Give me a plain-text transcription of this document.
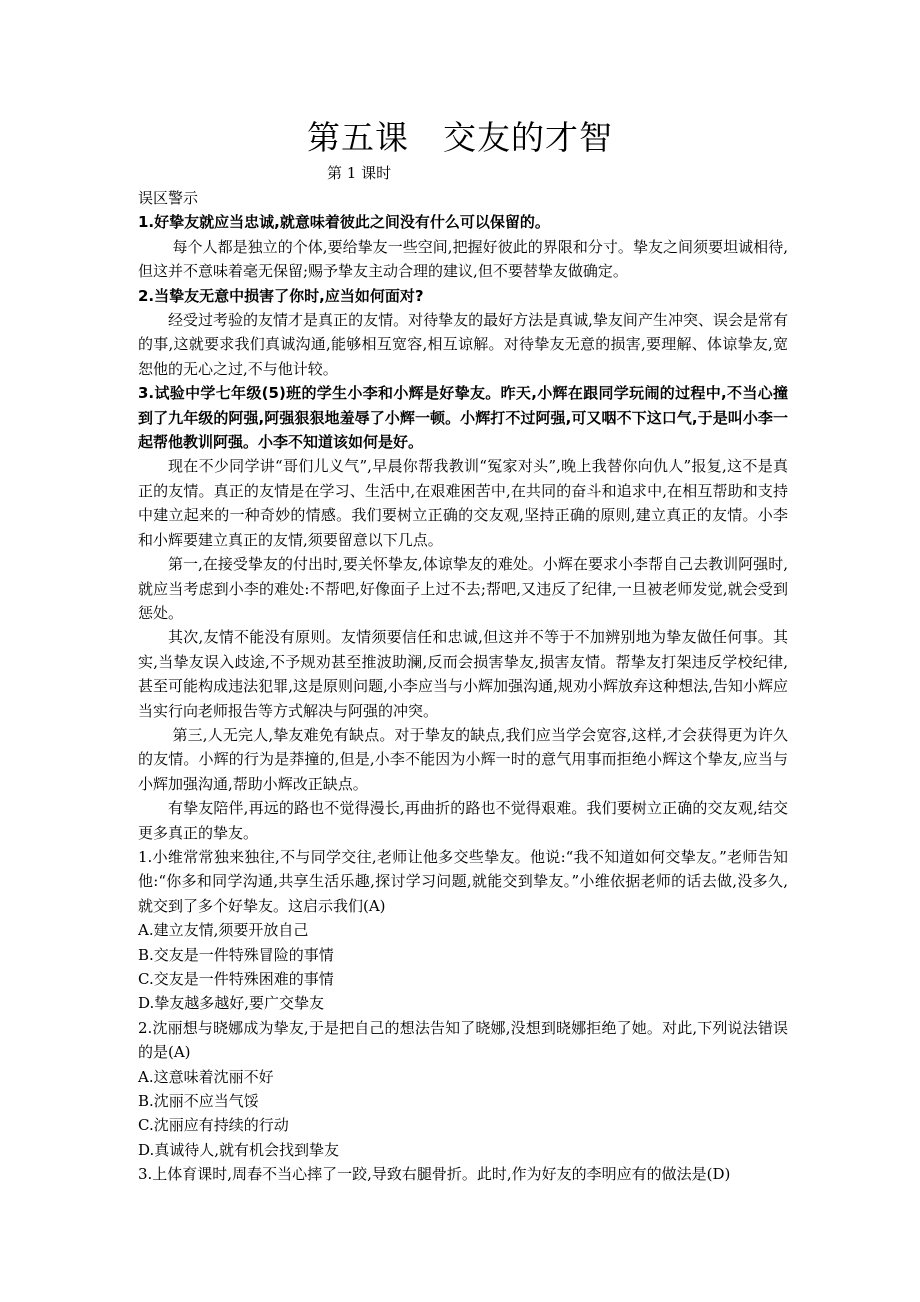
第五课 交友的才智
第 1 课时

误区警示

1.好挚友就应当忠诚,就意味着彼此之间没有什么可以保留的。

每个人都是独立的个体,要给挚友一些空间,把握好彼此的界限和分寸。挚友之间须要坦诚相待,但这并不意味着毫无保留;赐予挚友主动合理的建议,但不要替挚友做确定。

2.当挚友无意中损害了你时,应当如何面对?

经受过考验的友情才是真正的友情。对待挚友的最好方法是真诚,挚友间产生冲突、误会是常有的事,这就要求我们真诚沟通,能够相互宽容,相互谅解。对待挚友无意的损害,要理解、体谅挚友,宽恕他的无心之过,不与他计较。

3.试验中学七年级(5)班的学生小李和小辉是好挚友。昨天,小辉在跟同学玩闹的过程中,不当心撞到了九年级的阿强,阿强狠狠地羞辱了小辉一顿。小辉打不过阿强,可又咽不下这口气,于是叫小李一起帮他教训阿强。小李不知道该如何是好。

现在不少同学讲“哥们儿义气”,早晨你帮我教训“冤家对头”,晚上我替你向仇人”报复,这不是真正的友情。真正的友情是在学习、生活中,在艰难困苦中,在共同的奋斗和追求中,在相互帮助和支持中建立起来的一种奇妙的情感。我们要树立正确的交友观,坚持正确的原则,建立真正的友情。小李和小辉要建立真正的友情,须要留意以下几点。

第一,在接受挚友的付出时,要关怀挚友,体谅挚友的难处。小辉在要求小李帮自己去教训阿强时,就应当考虑到小李的难处:不帮吧,好像面子上过不去;帮吧,又违反了纪律,一旦被老师发觉,就会受到惩处。

其次,友情不能没有原则。友情须要信任和忠诚,但这并不等于不加辨别地为挚友做任何事。其实,当挚友误入歧途,不予规劝甚至推波助澜,反而会损害挚友,损害友情。帮挚友打架违反学校纪律,甚至可能构成违法犯罪,这是原则问题,小李应当与小辉加强沟通,规劝小辉放弃这种想法,告知小辉应当实行向老师报告等方式解决与阿强的冲突。

第三,人无完人,挚友难免有缺点。对于挚友的缺点,我们应当学会宽容,这样,才会获得更为许久的友情。小辉的行为是莽撞的,但是,小李不能因为小辉一时的意气用事而拒绝小辉这个挚友,应当与小辉加强沟通,帮助小辉改正缺点。

有挚友陪伴,再远的路也不觉得漫长,再曲折的路也不觉得艰难。我们要树立正确的交友观,结交更多真正的挚友。

1.小维常常独来独往,不与同学交往,老师让他多交些挚友。他说:“我不知道如何交挚友。”老师告知他:“你多和同学沟通,共享生活乐趣,探讨学习问题,就能交到挚友。”小维依据老师的话去做,没多久,就交到了多个好挚友。这启示我们(A)

A.建立友情,须要开放自己

B.交友是一件特殊冒险的事情

C.交友是一件特殊困难的事情

D.挚友越多越好,要广交挚友

2.沈丽想与晓娜成为挚友,于是把自己的想法告知了晓娜,没想到晓娜拒绝了她。对此,下列说法错误的是(A)

A.这意味着沈丽不好

B.沈丽不应当气馁

C.沈丽应有持续的行动

D.真诚待人,就有机会找到挚友

3.上体育课时,周春不当心摔了一跤,导致右腿骨折。此时,作为好友的李明应有的做法是(D)
